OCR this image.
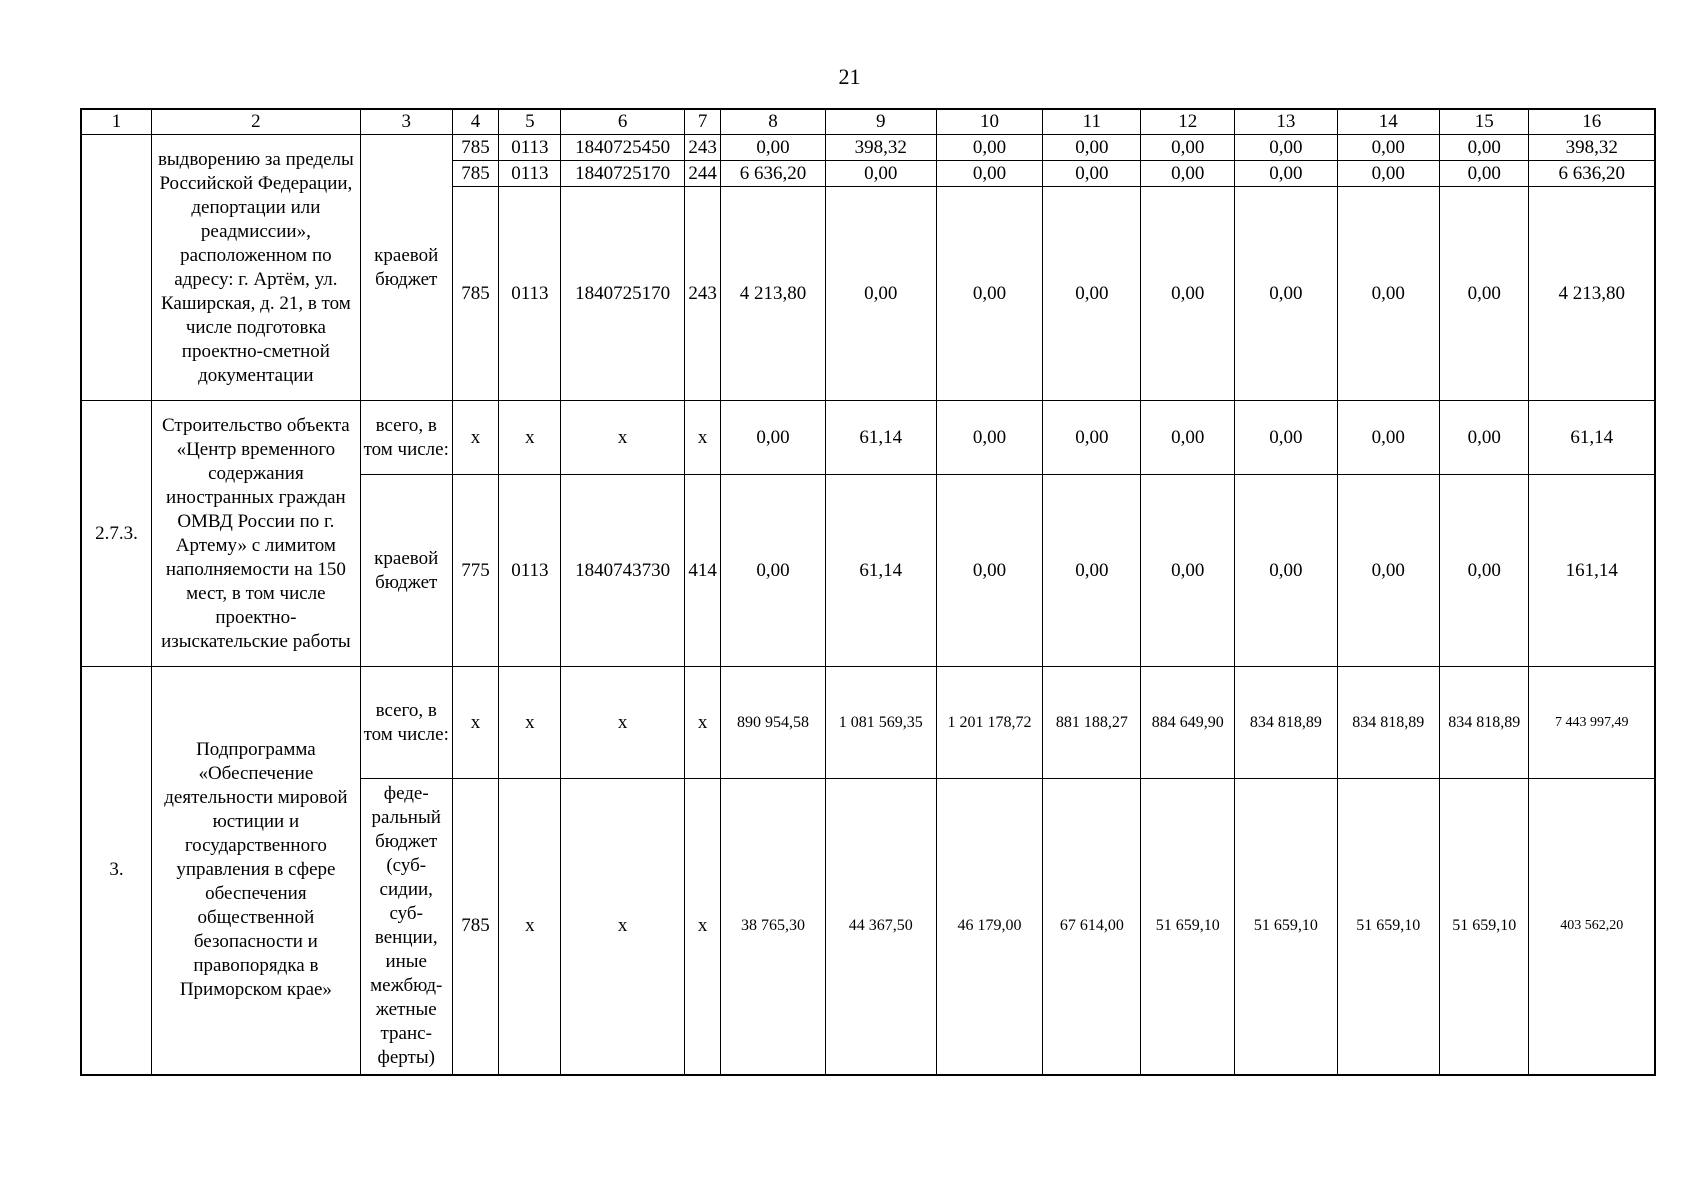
21
1	2	3	4	5	6	7	8	9	10	11	12	13	14	15	16
	выдворению за пределы Российской Федерации, депортации или реадмиссии», расположенном по адресу: г. Артём, ул. Каширская, д. 21, в том числе подготовка проектно-сметной документации	краевой бюджет	785	0113	1840725450	243	0,00	398,32	0,00	0,00	0,00	0,00	0,00	0,00	398,32
			785	0113	1840725170	244	6 636,20	0,00	0,00	0,00	0,00	0,00	0,00	0,00	6 636,20
			785	0113	1840725170	243	4 213,80	0,00	0,00	0,00	0,00	0,00	0,00	0,00	4 213,80
2.7.3.	Строительство объекта «Центр временного содержания иностранных граждан ОМВД России по г. Артему» с лимитом наполняемости на 150 мест, в том числе проектно-изыскательские работы	всего, в том числе:	х	х	х	х	0,00	61,14	0,00	0,00	0,00	0,00	0,00	0,00	61,14
		краевой бюджет	775	0113	1840743730	414	0,00	61,14	0,00	0,00	0,00	0,00	0,00	0,00	161,14
3.	Подпрограмма «Обеспечение деятельности мировой юстиции и государственного управления в сфере обеспечения общественной безопасности и правопорядка в Приморском крае»	всего, в том числе:	х	х	х	х	890 954,58	1 081 569,35	1 201 178,72	881 188,27	884 649,90	834 818,89	834 818,89	834 818,89	7 443 997,49
		феде-ральный бюджет (суб-сидии, суб-венции, иные межбюд-жетные транс-ферты)	785	х	х	х	38 765,30	44 367,50	46 179,00	67 614,00	51 659,10	51 659,10	51 659,10	51 659,10	403 562,20
